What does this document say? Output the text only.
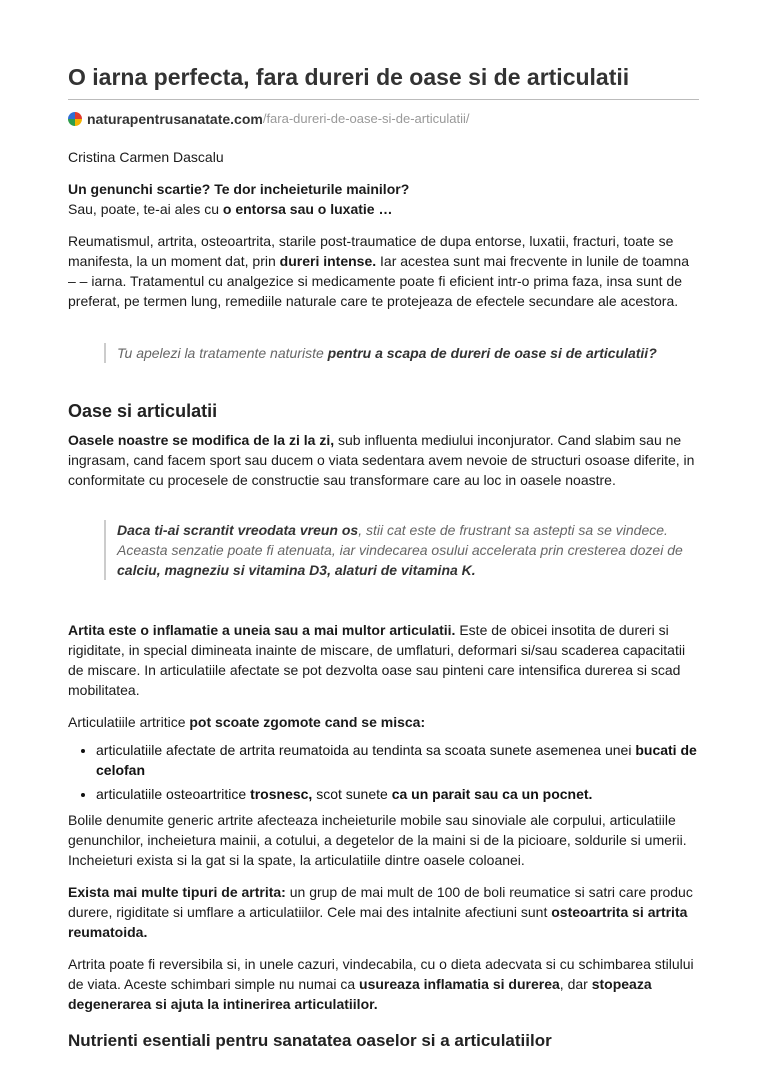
O iarna perfecta, fara dureri de oase si de articulatii
naturapentrusanatate.com /fara-dureri-de-oase-si-de-articulatii/

Cristina Carmen Dascalu

Un genunchi scartie? Te dor incheieturile mainilor?
Sau, poate, te-ai ales cu o entorsa sau o luxatie …

Reumatismul, artrita, osteoartrita, starile post-traumatice de dupa entorse, luxatii, fracturi, toate se manifesta, la un moment dat, prin dureri intense. Iar acestea sunt mai frecvente in lunile de toamna – – iarna. Tratamentul cu analgezice si medicamente poate fi eficient intr-o prima faza, insa sunt de preferat, pe termen lung, remediile naturale care te protejeaza de efectele secundare ale acestora.

Tu apelezi la tratamente naturiste pentru a scapa de dureri de oase si de articulatii?
Oase si articulatii

Oasele noastre se modifica de la zi la zi, sub influenta mediului inconjurator. Cand slabim sau ne ingrasam, cand facem sport sau ducem o viata sedentara avem nevoie de structuri osoase diferite, in conformitate cu procesele de constructie sau transformare care au loc in oasele noastre.

Daca ti-ai scrantit vreodata vreun os, stii cat este de frustrant sa astepti sa se vindece. Aceasta senzatie poate fi atenuata, iar vindecarea osului accelerata prin cresterea dozei de calciu, magneziu si vitamina D3, alaturi de vitamina K.

Artita este o inflamatie a uneia sau a mai multor articulatii. Este de obicei insotita de dureri si rigiditate, in special dimineata inainte de miscare, de umflaturi, deformari si/sau scaderea capacitatii de miscare. In articulatiile afectate se pot dezvolta oase sau pinteni care intensifica durerea si scad mobilitatea.

Articulatiile artritice pot scoate zgomote cand se misca:

• articulatiile afectate de artrita reumatoida au tendinta sa scoata sunete asemenea unei bucati de celofan
• articulatiile osteoartritice trosnesc, scot sunete ca un parait sau ca un pocnet.

Bolile denumite generic artrite afecteaza incheieturile mobile sau sinoviale ale corpului, articulatiile genunchilor, incheietura mainii, a cotului, a degetelor de la maini si de la picioare, soldurile si umerii. Incheieturi exista si la gat si la spate, la articulatiile dintre oasele coloanei.

Exista mai multe tipuri de artrita: un grup de mai mult de 100 de boli reumatice si satri care produc durere, rigiditate si umflare a articulatiilor. Cele mai des intalnite afectiuni sunt osteoartrita si artrita reumatoida.

Artrita poate fi reversibila si, in unele cazuri, vindecabila, cu o dieta adecvata si cu schimbarea stilului de viata. Aceste schimbari simple nu numai ca usureaza inflamatia si durerea, dar stopeaza degenerarea si ajuta la intinerirea articulatiilor.

Nutrienti esentiali pentru sanatatea oaselor si a articulatiilor
